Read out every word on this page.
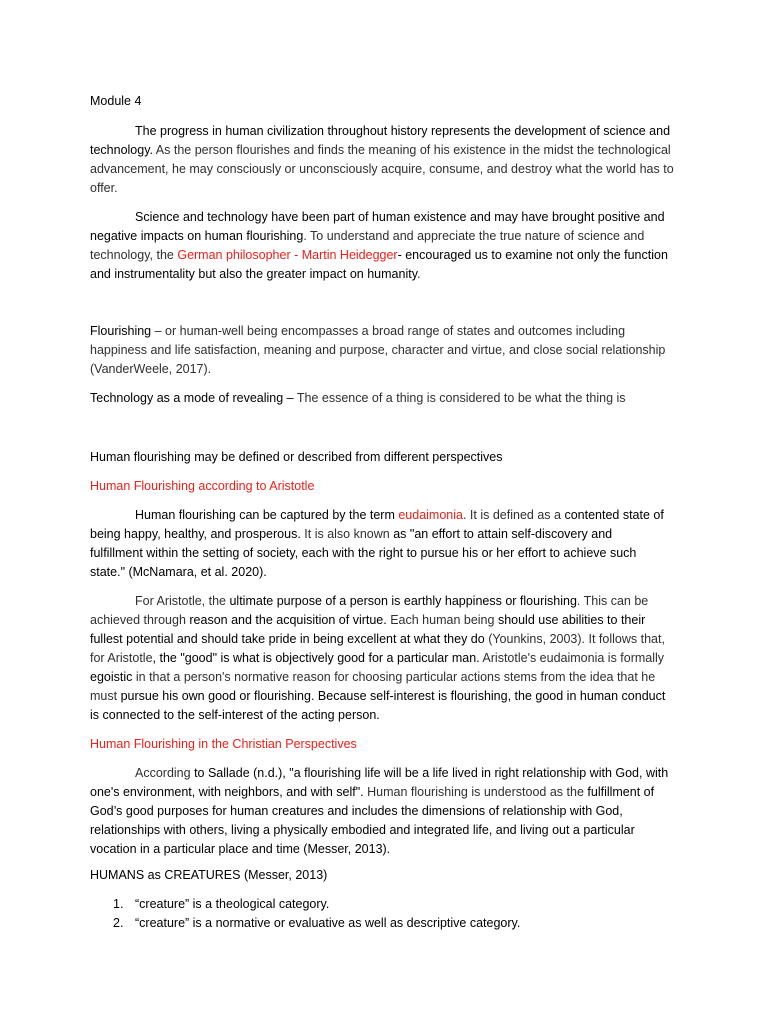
Module 4
The progress in human civilization throughout history represents the development of science and
technology. As the person flourishes and finds the meaning of his existence in the midst the technological
advancement, he may consciously or unconsciously acquire, consume, and destroy what the world has to
offer.
Science and technology have been part of human existence and may have brought positive and
negative impacts on human flourishing. To understand and appreciate the true nature of science and
technology, the German philosopher - Martin Heidegger- encouraged us to examine not only the function
and instrumentality but also the greater impact on humanity.
Flourishing – or human-well being encompasses a broad range of states and outcomes including
happiness and life satisfaction, meaning and purpose, character and virtue, and close social relationship
(VanderWeele, 2017).
Technology as a mode of revealing – The essence of a thing is considered to be what the thing is
Human flourishing may be defined or described from different perspectives
Human Flourishing according to Aristotle
Human flourishing can be captured by the term eudaimonia. It is defined as a contented state of
being happy, healthy, and prosperous. It is also known as "an effort to attain self-discovery and
fulfillment within the setting of society, each with the right to pursue his or her effort to achieve such
state." (McNamara, et al. 2020).
For Aristotle, the ultimate purpose of a person is earthly happiness or flourishing. This can be
achieved through reason and the acquisition of virtue. Each human being should use abilities to their
fullest potential and should take pride in being excellent at what they do (Younkins, 2003). It follows that,
for Aristotle, the "good" is what is objectively good for a particular man. Aristotle's eudaimonia is formally
egoistic in that a person's normative reason for choosing particular actions stems from the idea that he
must pursue his own good or flourishing. Because self-interest is flourishing, the good in human conduct
is connected to the self-interest of the acting person.
Human Flourishing in the Christian Perspectives
According to Sallade (n.d.), "a flourishing life will be a life lived in right relationship with God, with
one's environment, with neighbors, and with self". Human flourishing is understood as the fulfillment of
God’s good purposes for human creatures and includes the dimensions of relationship with God,
relationships with others, living a physically embodied and integrated life, and living out a particular
vocation in a particular place and time (Messer, 2013).
HUMANS as CREATURES (Messer, 2013)
1. “creature” is a theological category.
2. “creature” is a normative or evaluative as well as descriptive category.
